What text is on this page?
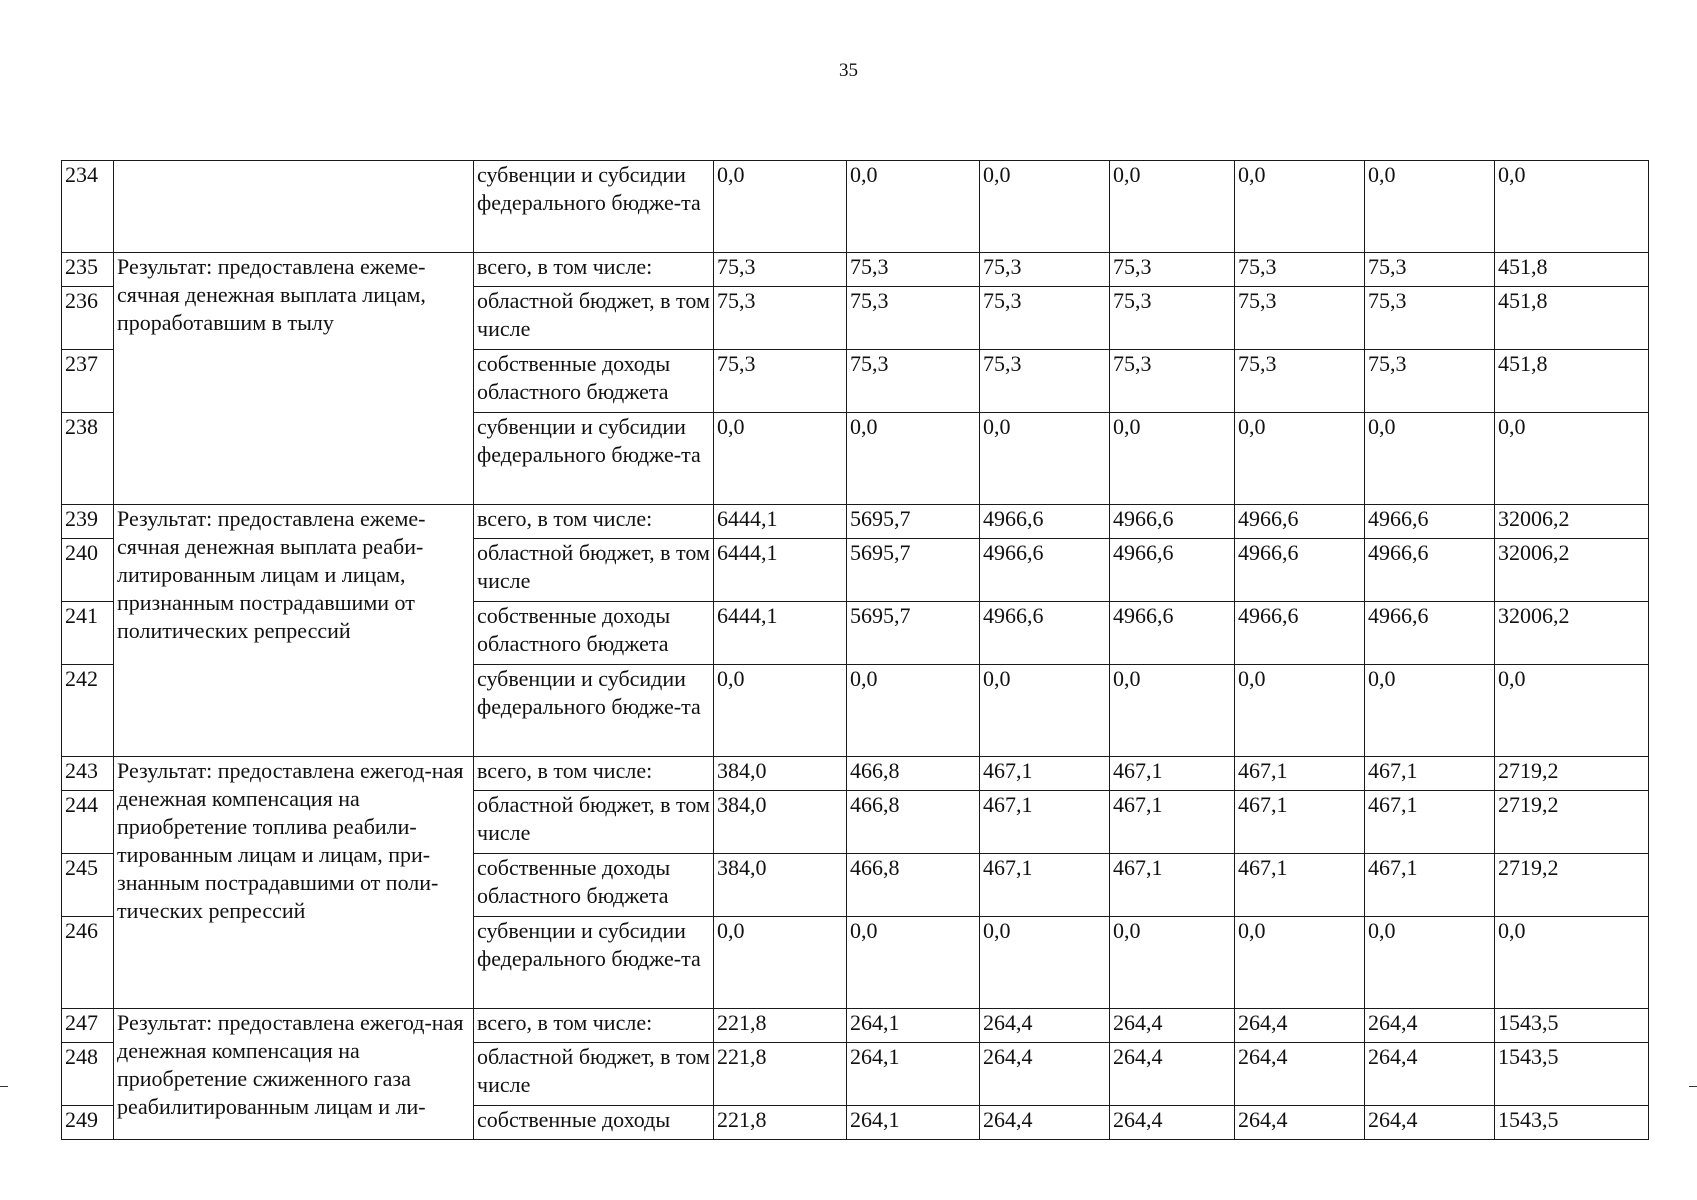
35
234		субвенции и субсидии федерального бюдже-та	0,0	0,0	0,0	0,0	0,0	0,0	0,0
235	Результат: предоставлена ежеме-сячная денежная выплата лицам, проработавшим в тылу	всего, в том числе:	75,3	75,3	75,3	75,3	75,3	75,3	451,8
236		областной бюджет, в том числе	75,3	75,3	75,3	75,3	75,3	75,3	451,8
237		собственные доходы областного бюджета	75,3	75,3	75,3	75,3	75,3	75,3	451,8
238		субвенции и субсидии федерального бюдже-та	0,0	0,0	0,0	0,0	0,0	0,0	0,0
239	Результат: предоставлена ежеме-сячная денежная выплата реаби-литированным лицам и лицам, признанным пострадавшими от политических репрессий	всего, в том числе:	6444,1	5695,7	4966,6	4966,6	4966,6	4966,6	32006,2
240		областной бюджет, в том числе	6444,1	5695,7	4966,6	4966,6	4966,6	4966,6	32006,2
241		собственные доходы областного бюджета	6444,1	5695,7	4966,6	4966,6	4966,6	4966,6	32006,2
242		субвенции и субсидии федерального бюдже-та	0,0	0,0	0,0	0,0	0,0	0,0	0,0
243	Результат: предоставлена ежегод-ная денежная компенсация на приобретение топлива реабили-тированным лицам и лицам, при-знанным пострадавшими от поли-тических репрессий	всего, в том числе:	384,0	466,8	467,1	467,1	467,1	467,1	2719,2
244		областной бюджет, в том числе	384,0	466,8	467,1	467,1	467,1	467,1	2719,2
245		собственные доходы областного бюджета	384,0	466,8	467,1	467,1	467,1	467,1	2719,2
246		субвенции и субсидии федерального бюдже-та	0,0	0,0	0,0	0,0	0,0	0,0	0,0
247	Результат: предоставлена ежегод-ная денежная компенсация на приобретение сжиженного газа реабилитированным лицам и ли-	всего, в том числе:	221,8	264,1	264,4	264,4	264,4	264,4	1543,5
248		областной бюджет, в том числе	221,8	264,1	264,4	264,4	264,4	264,4	1543,5
249		собственные доходы	221,8	264,1	264,4	264,4	264,4	264,4	1543,5
